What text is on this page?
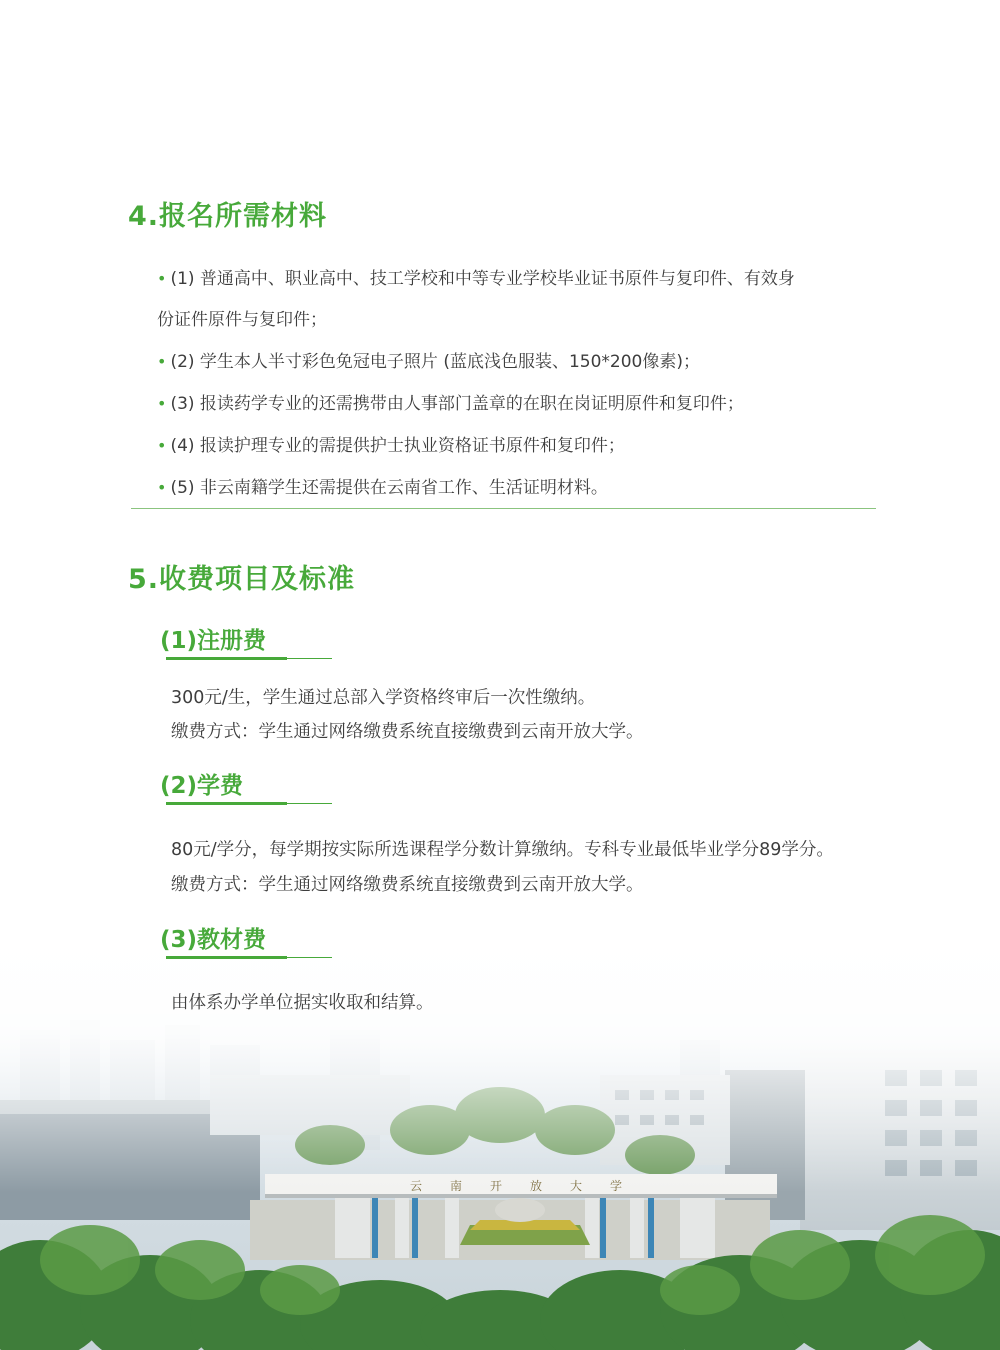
4.报名所需材料
• (1) 普通高中、职业高中、技工学校和中等专业学校毕业证书原件与复印件、有效身
份证件原件与复印件；
• (2) 学生本人半寸彩色免冠电子照片 (蓝底浅色服装、150*200像素)；
• (3) 报读药学专业的还需携带由人事部门盖章的在职在岗证明原件和复印件；
• (4) 报读护理专业的需提供护士执业资格证书原件和复印件；
• (5) 非云南籍学生还需提供在云南省工作、生活证明材料。
5.收费项目及标准
(1)注册费
300元/生，学生通过总部入学资格终审后一次性缴纳。
缴费方式：学生通过网络缴费系统直接缴费到云南开放大学。
(2)学费
80元/学分，每学期按实际所选课程学分数计算缴纳。专科专业最低毕业学分89学分。
缴费方式：学生通过网络缴费系统直接缴费到云南开放大学。
(3)教材费
由体系办学单位据实收取和结算。
